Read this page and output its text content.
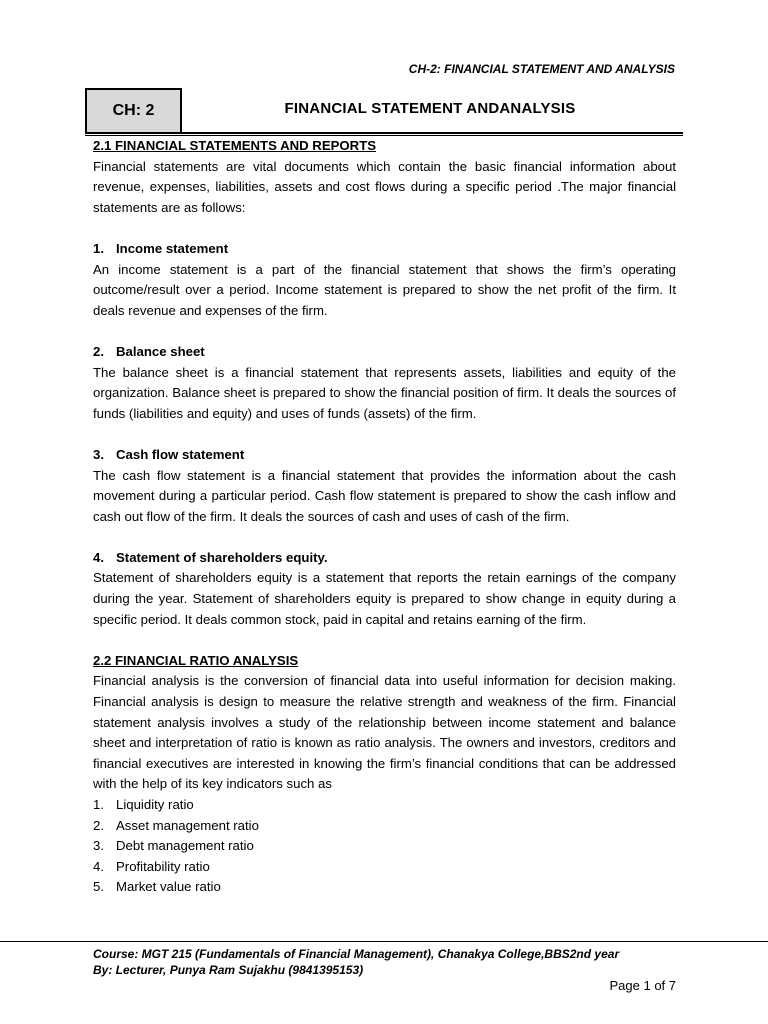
CH-2: FINANCIAL STATEMENT AND ANALYSIS
CH: 2	FINANCIAL STATEMENT ANDANALYSIS
2.1 FINANCIAL STATEMENTS AND REPORTS

Financial statements are vital documents which contain the basic financial information about revenue, expenses, liabilities, assets and cost flows during a specific period .The major financial statements are as follows:

1. Income statement

An income statement is a part of the financial statement that shows the firm’s operating outcome/result over a period. Income statement is prepared to show the net profit of the firm. It deals revenue and expenses of the firm.

2. Balance sheet

The balance sheet is a financial statement that represents assets, liabilities and equity of the organization. Balance sheet is prepared to show the financial position of firm. It deals the sources of funds (liabilities and equity) and uses of funds (assets) of the firm.

3. Cash flow statement

The cash flow statement is a financial statement that provides the information about the cash movement during a particular period. Cash flow statement is prepared to show the cash inflow and cash out flow of the firm. It deals the sources of cash and uses of cash of the firm.

4. Statement of shareholders equity.

Statement of shareholders equity is a statement that reports the retain earnings of the company during the year. Statement of shareholders equity is prepared to show change in equity during a specific period. It deals common stock, paid in capital and retains earning of the firm.

2.2 FINANCIAL RATIO ANALYSIS

Financial analysis is the conversion of financial data into useful information for decision making. Financial analysis is design to measure the relative strength and weakness of the firm. Financial statement analysis involves a study of the relationship between income statement and balance sheet and interpretation of ratio is known as ratio analysis. The owners and investors, creditors and financial executives are interested in knowing the firm’s financial conditions that can be addressed with the help of its key indicators such as

1. Liquidity ratio
2. Asset management ratio
3. Debt management ratio
4. Profitability ratio
5. Market value ratio
Course: MGT 215 (Fundamentals of Financial Management), Chanakya College,BBS2nd year
By: Lecturer, Punya Ram Sujakhu (9841395153)
Page 1 of 7
